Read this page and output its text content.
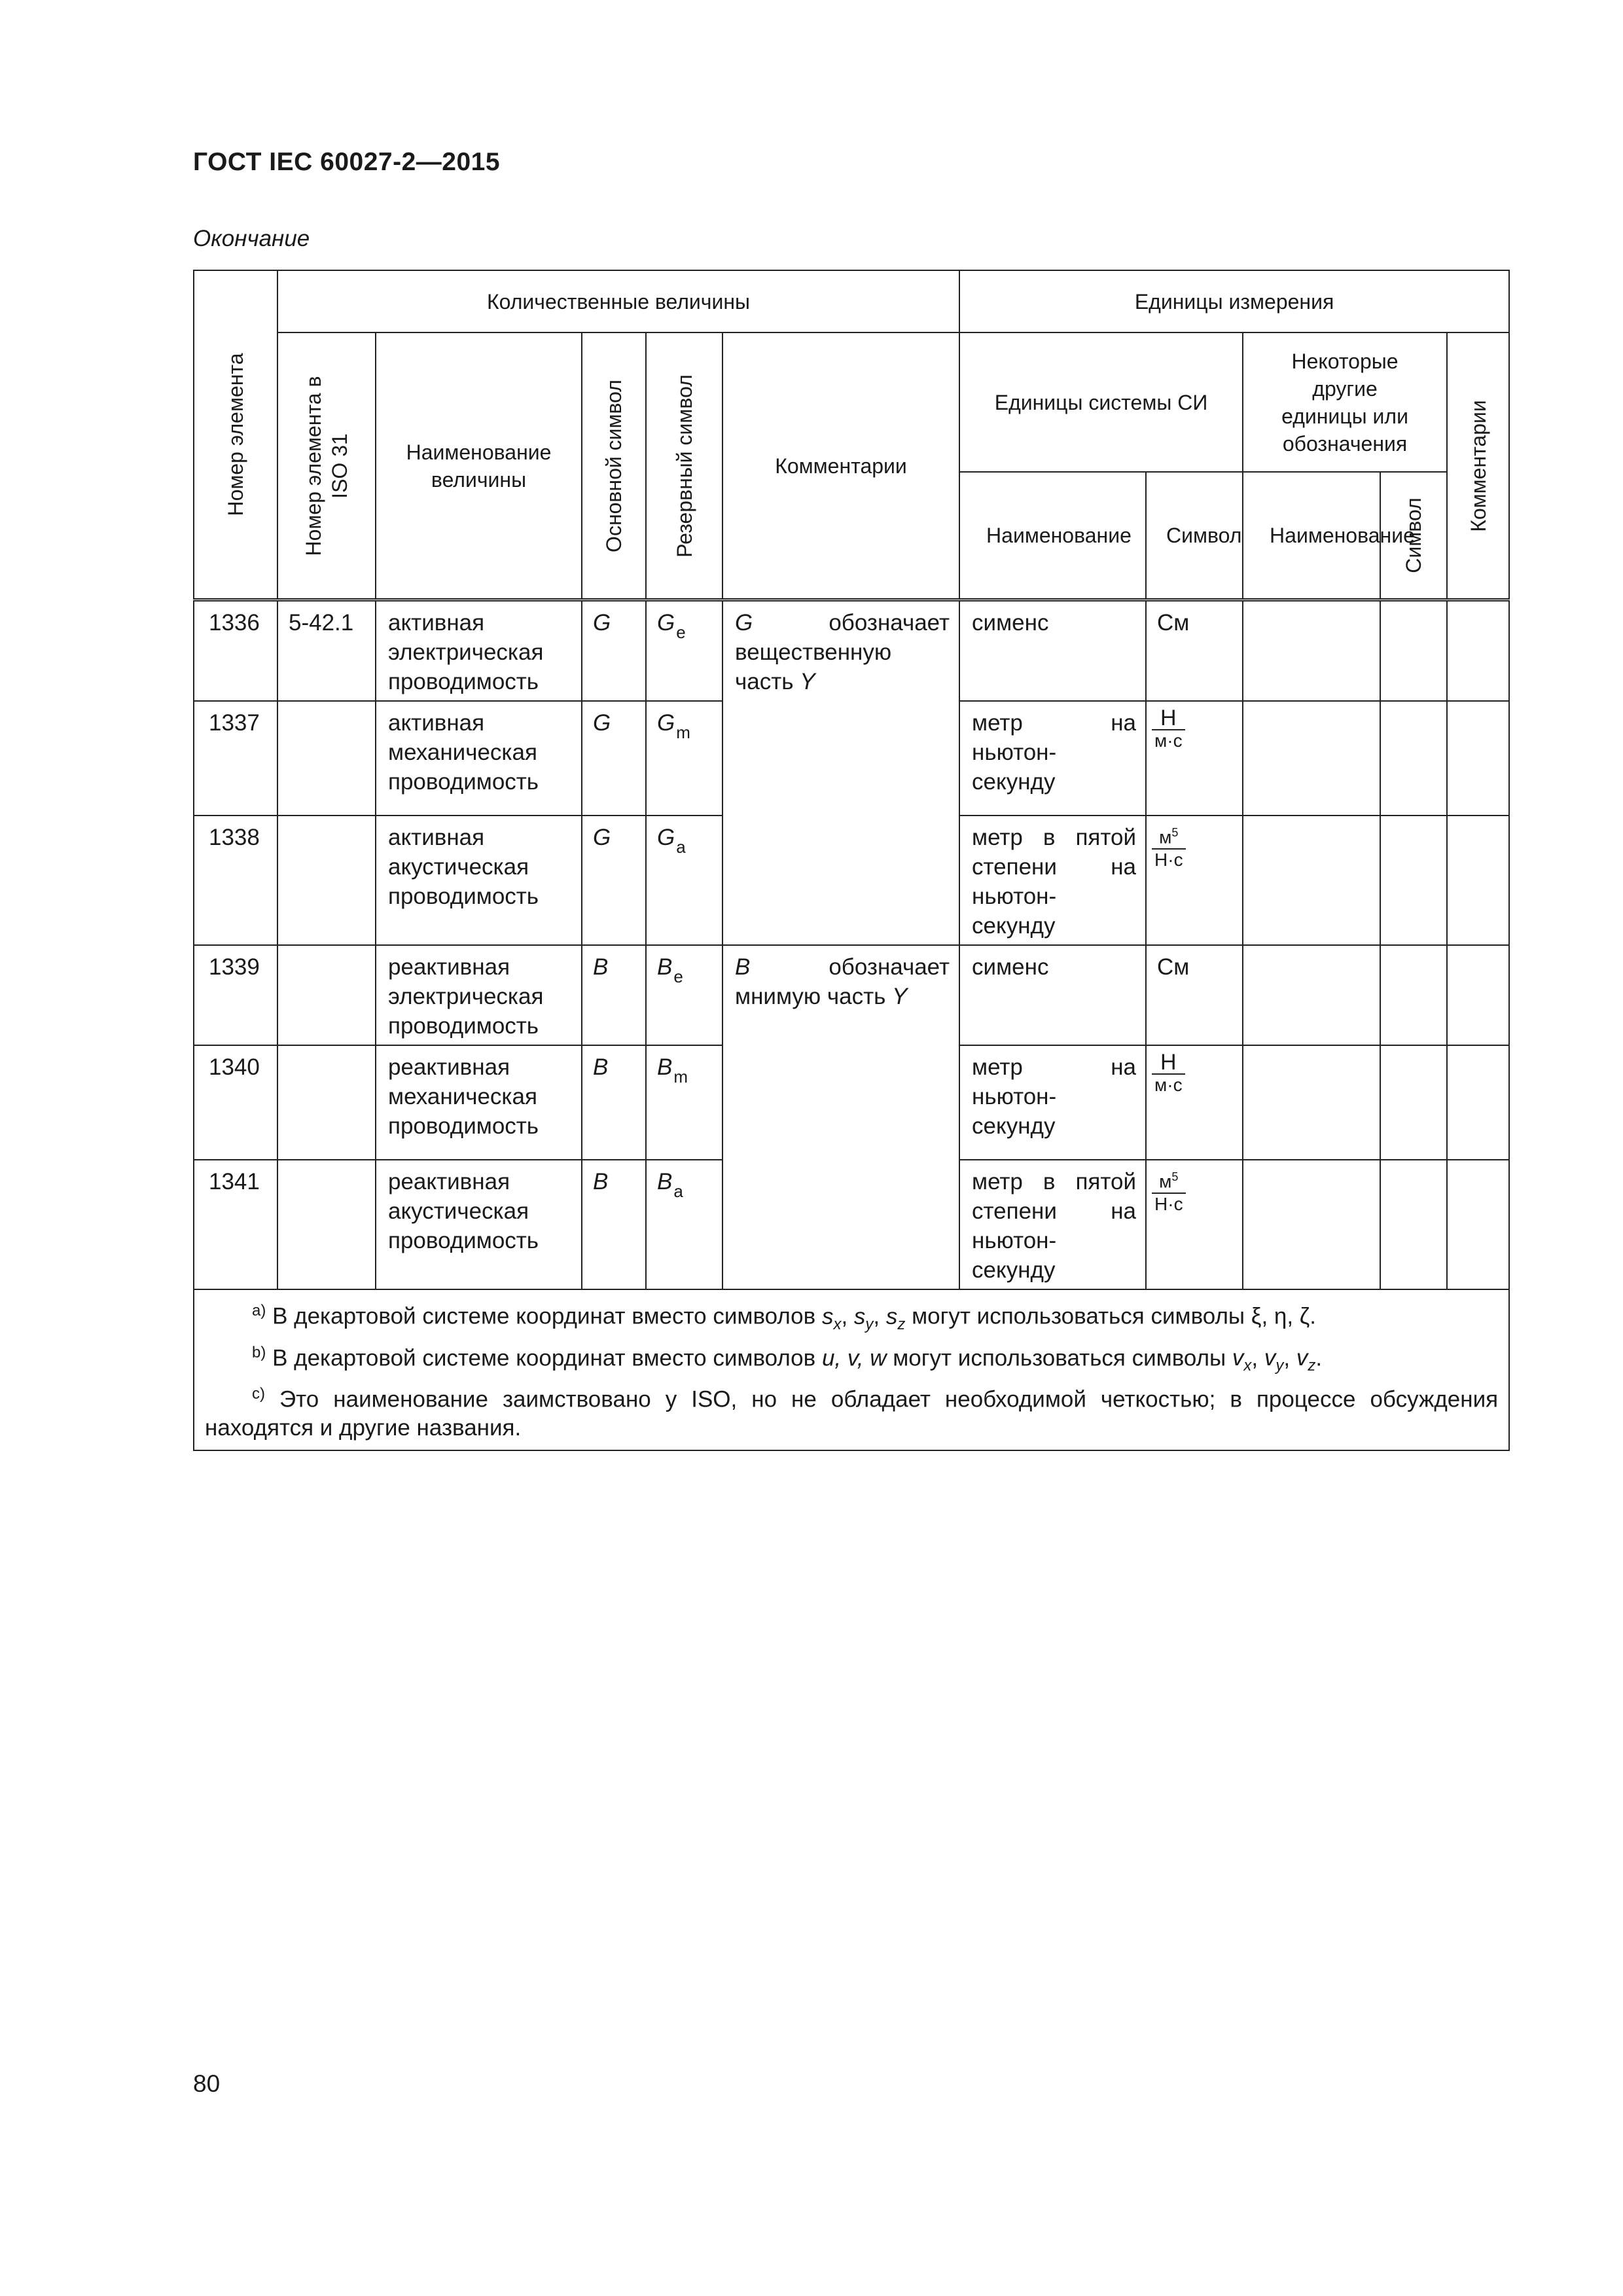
ГОСТ IEC 60027-2—2015
Окончание
Номер элемента	Количественные величины					Единицы измерения				

	Номер элемента в ISO 31	Наименование величины	Основной символ	Резервный символ	Комментарии	Единицы системы СИ		Некоторые другие единицы или обозначения		Комментарии

						Наименование	Символ	Наименование	Символ	

1336	5-42.1	активная электрическая проводимость	G	$G_e$	G обозначает вещественную часть Y	сименс	См			
1337		активная механическая проводимость	G	$G_m$		метр на ньютон-секунду	$\frac{Н}{м\cdot с}$

1338		активная акустическая проводимость	G	$G_a$		метр в пятой степени на ньютон-секунду	$\frac{м^5}{Н\cdot с}$

1339		реактивная электрическая проводимость	B	$B_e$	B обозначает мнимую часть Y	сименс	См			
1340		реактивная механическая проводимость	B	$B_m$		метр на ньютон-секунду	$\frac{Н}{м\cdot с}$

1341		реактивная акустическая проводимость	B	$B_a$		метр в пятой степени на ньютон-секунду	$\frac{м^5}{Н\cdot с}$

$^{a)}$ В декартовой системе координат вместо символов $s_x$, $s_y$, $s_z$ могут использоваться символы ξ, η, ζ.
$^{b)}$ В декартовой системе координат вместо символов u, v, w могут использоваться символы $v_x$, $v_y$, $v_z$.
$^{c)}$ Это наименование заимствовано у ISO, но не обладает необходимой четкостью; в процессе обсуждения находятся и другие названия.										
80
